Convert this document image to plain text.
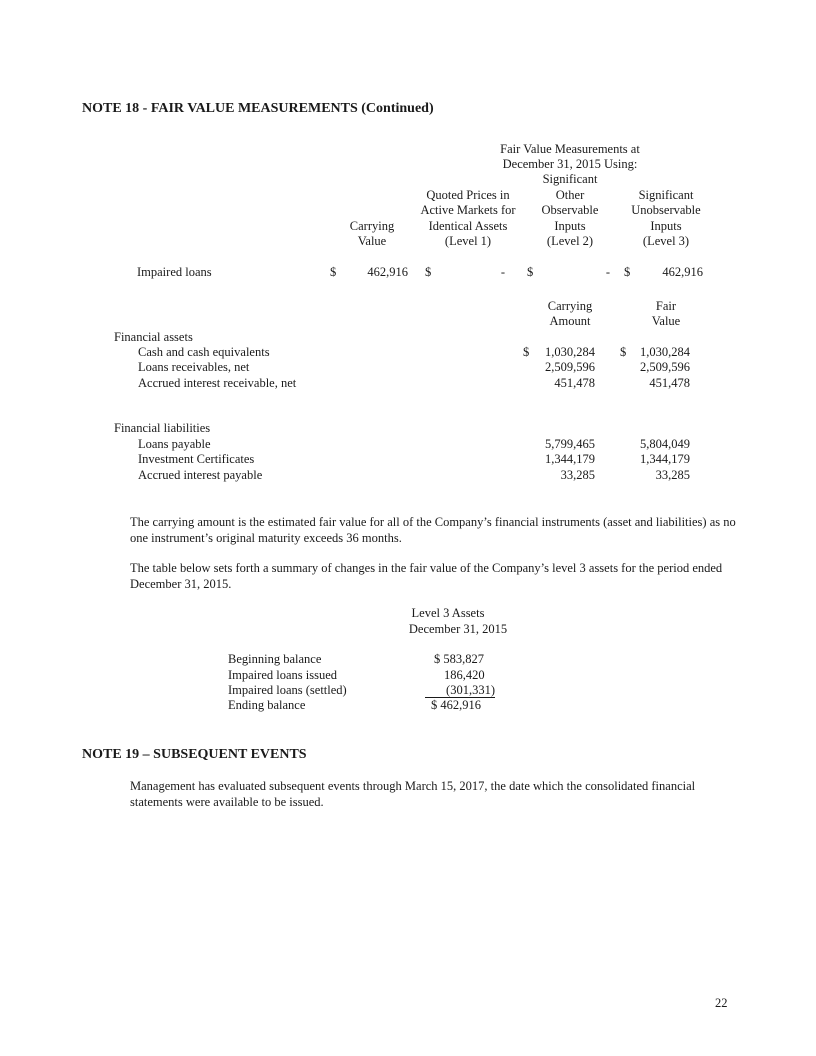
NOTE 18 - FAIR VALUE MEASUREMENTS (Continued)
Fair Value Measurements at
December 31, 2015 Using:
Carrying
Value
Quoted Prices in
Active Markets for
Identical Assets
(Level 1)
Significant
Other
Observable
Inputs
(Level 2)
Significant
Unobservable
Inputs
(Level 3)
Impaired loans	$	462,916 $	- $	- $	462,916
Carrying
Amount
Fair
Value
Financial assets
Cash and cash equivalents	$	1,030,284 $	1,030,284
Loans receivables, net	2,509,596	2,509,596
Accrued interest receivable, net	451,478	451,478
Financial liabilities
Loans payable	5,799,465	5,804,049
Investment Certificates	1,344,179	1,344,179
Accrued interest payable	33,285	33,285
The carrying amount is the estimated fair value for all of the Company’s financial instruments (asset and liabilities) as no one instrument’s original maturity exceeds 36 months.
The table below sets forth a summary of changes in the fair value of the Company’s level 3 assets for the period ended December 31, 2015.
Level 3 Assets
December 31, 2015
Beginning balance	$ 583,827
Impaired loans issued	186,420
Impaired loans (settled)	(301,331)
Ending balance	$ 462,916
NOTE 19 – SUBSEQUENT EVENTS
Management has evaluated subsequent events through March 15, 2017, the date which the consolidated financial statements were available to be issued.
22
